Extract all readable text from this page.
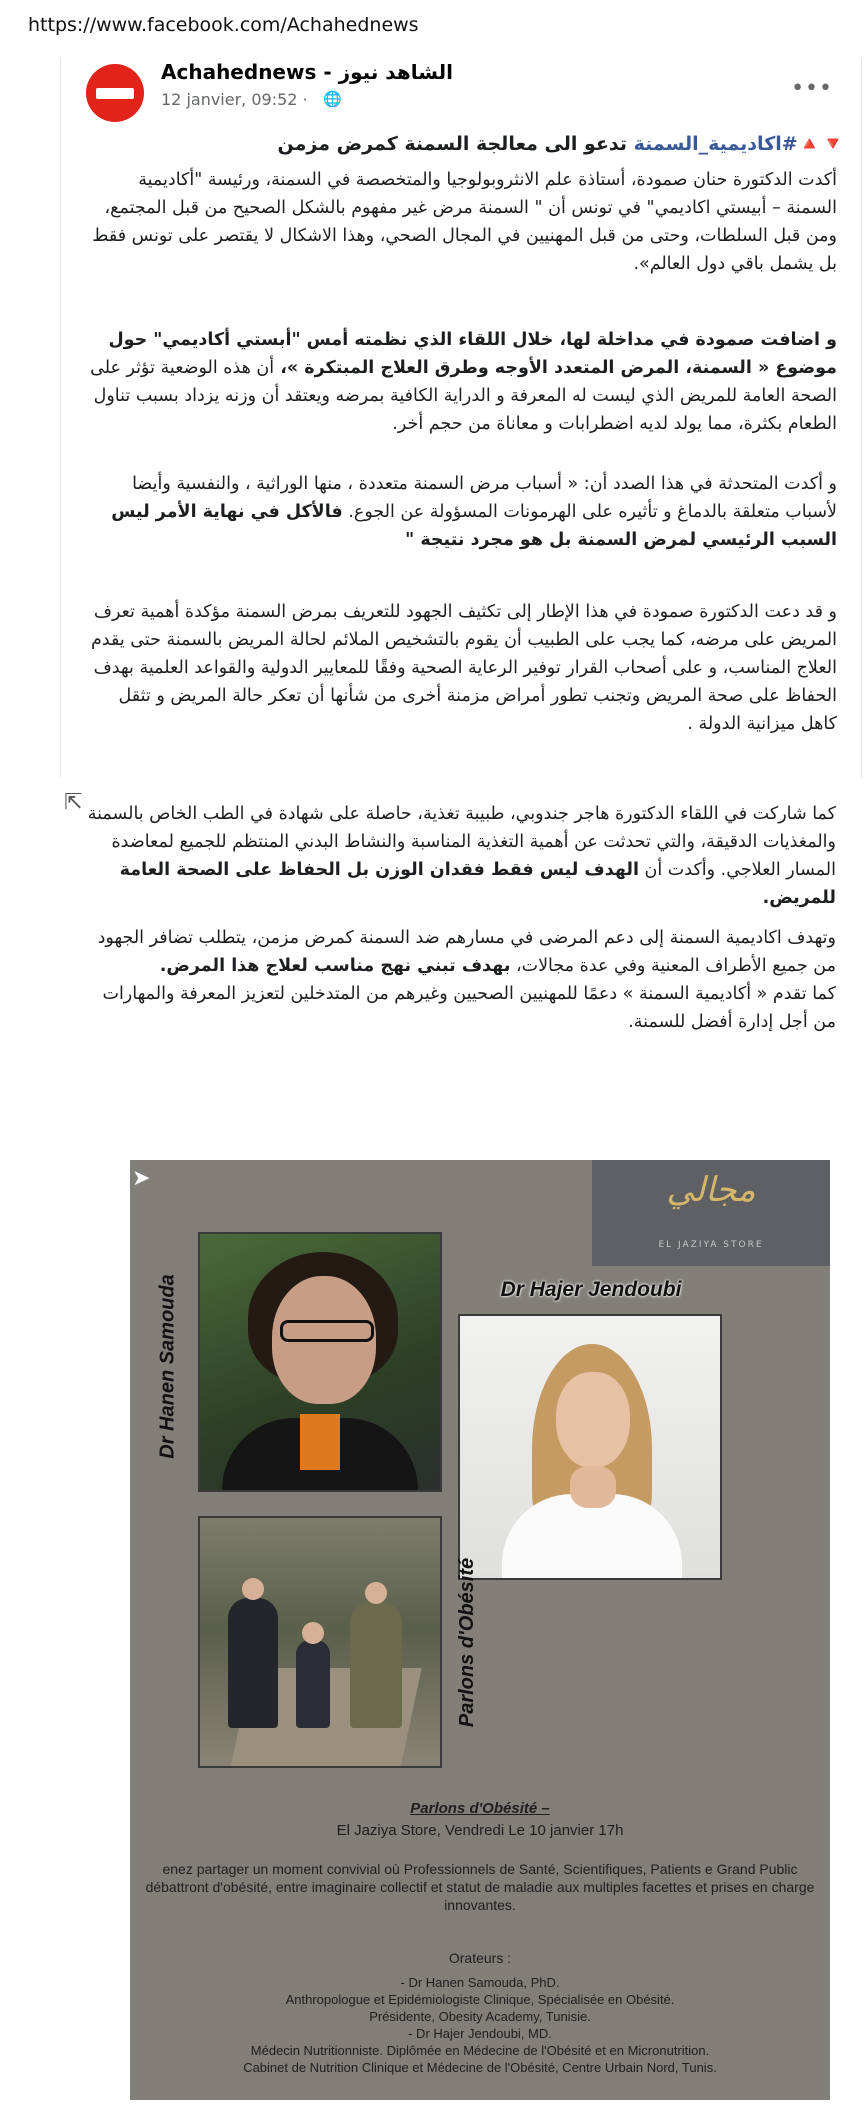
https://www.facebook.com/Achahednews
Achahednews - الشاهد نيوز
12 janvier, 09:52 · 🌐	•••
🔻🔺#اكاديمية_السمنة تدعو الى معالجة السمنة كمرض مزمن
أكدت الدكتورة حنان صمودة، أستاذة علم الانثروبولوجيا والمتخصصة في السمنة، ورئيسة "أكاديمية السمنة – أبيستي اكاديمي" في تونس أن " السمنة مرض غير مفهوم بالشكل الصحيح من قبل المجتمع، ومن قبل السلطات، وحتى من قبل المهنيين في المجال الصحي، وهذا الاشكال لا يقتصر على تونس فقط بل يشمل باقي دول العالم».
و اضافت صمودة في مداخلة لها، خلال اللقاء الذي نظمته أمس "أبستي أكاديمي" حول موضوع « السمنة، المرض المتعدد الأوجه وطرق العلاج المبتكرة »، أن هذه الوضعية تؤثر على الصحة العامة للمريض الذي ليست له المعرفة و الدراية الكافية بمرضه ويعتقد أن وزنه يزداد بسبب تناول الطعام بكثرة، مما يولد لديه اضطرابات و معاناة من حجم أخر.
و أكدت المتحدثة في هذا الصدد أن: « أسباب مرض السمنة متعددة ، منها الوراثية ، والنفسية وأيضا لأسباب متعلقة بالدماغ و تأثيره على الهرمونات المسؤولة عن الجوع. فالأكل في نهاية الأمر ليس السبب الرئيسي لمرض السمنة بل هو مجرد نتيجة "
و قد دعت الدكتورة صمودة في هذا الإطار إلى تكثيف الجهود للتعريف بمرض السمنة مؤكدة أهمية تعرف المريض على مرضه، كما يجب على الطبيب أن يقوم بالتشخيص الملائم لحالة المريض بالسمنة حتى يقدم العلاج المناسب، و على أصحاب القرار توفير الرعاية الصحية وفقًا للمعايير الدولية والقواعد العلمية بهدف الحفاظ على صحة المريض وتجنب تطور أمراض مزمنة أخرى من شأنها أن تعكر حالة المريض و تثقل كاهل ميزانية الدولة .
⇱ كما شاركت في اللقاء الدكتورة هاجر جندوبي، طبيبة تغذية، حاصلة على شهادة في الطب الخاص بالسمنة والمغذيات الدقيقة، والتي تحدثت عن أهمية التغذية المناسبة والنشاط البدني المنتظم للجميع لمعاضدة المسار العلاجي. وأكدت أن الهدف ليس فقط فقدان الوزن بل الحفاظ على الصحة العامة للمريض.
وتهدف اكاديمية السمنة إلى دعم المرضى في مسارهم ضد السمنة كمرض مزمن، يتطلب تضافر الجهود من جميع الأطراف المعنية وفي عدة مجالات، بهدف تبني نهج مناسب لعلاج هذا المرض.
كما تقدم « أكاديمية السمنة » دعمًا للمهنيين الصحيين وغيرهم من المتدخلين لتعزيز المعرفة والمهارات من أجل إدارة أفضل للسمنة.
➤	مجالي
EL JAZIYA STORE
Dr Hanen Samouda	Dr Hajer Jendoubi
Parlons d'Obésité
Parlons d'Obésité –
El Jaziya Store, Vendredi Le 10 janvier 17h
enez partager un moment convivial où Professionnels de Santé, Scientifiques, Patients e Grand Public débattront d'obésité, entre imaginaire collectif et statut de maladie aux multiples facettes et prises en charge innovantes.
Orateurs :
- Dr Hanen Samouda, PhD.
Anthropologue et Epidémiologiste Clinique, Spécialisée en Obésité.
Présidente, Obesity Academy, Tunisie.
- Dr Hajer Jendoubi, MD.
Médecin Nutritionniste. Diplômée en Médecine de l'Obésité et en Micronutrition.
Cabinet de Nutrition Clinique et Médecine de l'Obésité, Centre Urbain Nord, Tunis.
